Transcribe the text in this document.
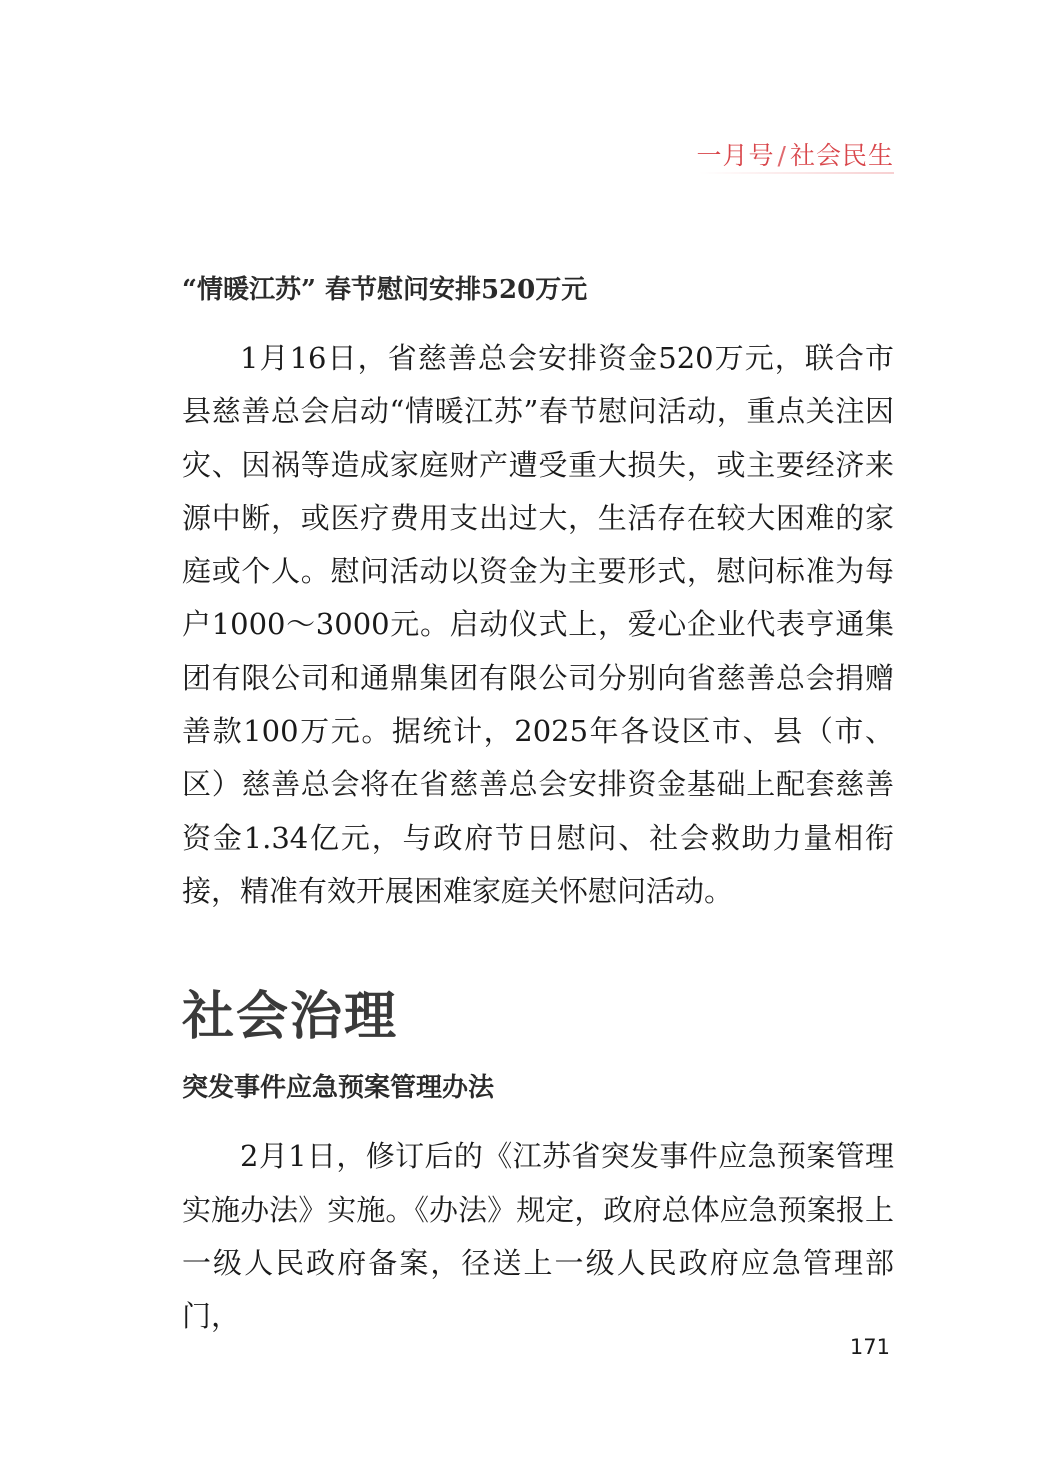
一月号 / 社会民生
“情暖江苏” 春节慰问安排520万元

1月16日，省慈善总会安排资金520万元，联合市县慈善总会启动“情暖江苏”春节慰问活动，重点关注因灾、因祸等造成家庭财产遭受重大损失，或主要经济来源中断，或医疗费用支出过大，生活存在较大困难的家庭或个人。慰问活动以资金为主要形式，慰问标准为每户1000～3000元。启动仪式上，爱心企业代表亨通集团有限公司和通鼎集团有限公司分别向省慈善总会捐赠善款100万元。据统计，2025年各设区市、县（市、区）慈善总会将在省慈善总会安排资金基础上配套慈善资金1.34亿元，与政府节日慰问、社会救助力量相衔接，精准有效开展困难家庭关怀慰问活动。

社会治理
突发事件应急预案管理办法

2月1日，修订后的《江苏省突发事件应急预案管理实施办法》实施。《办法》规定，政府总体应急预案报上一级人民政府备案，径送上一级人民政府应急管理部门，

171
